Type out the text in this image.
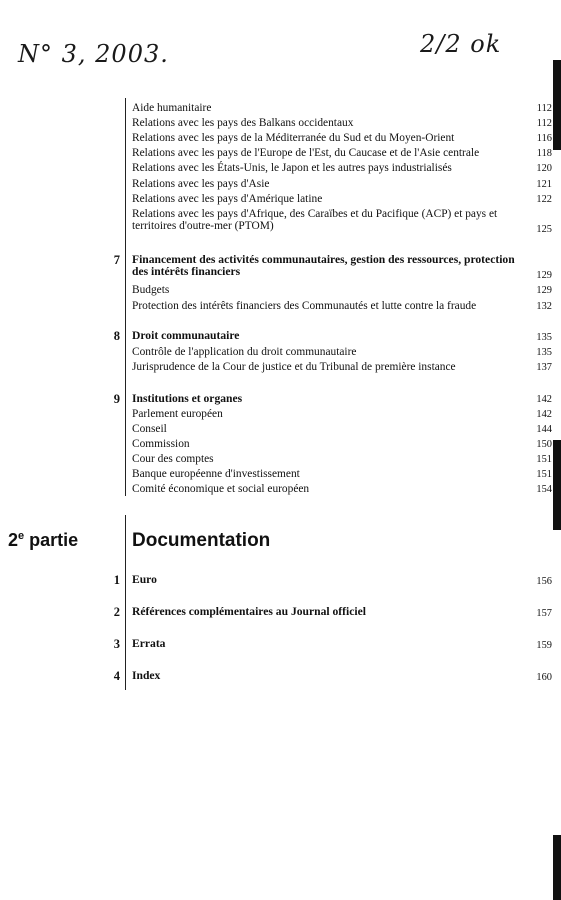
N° 3, 2003.	2/2 ok
Aide humanitaire	112
Relations avec les pays des Balkans occidentaux	112
Relations avec les pays de la Méditerranée du Sud et du Moyen-Orient	116
Relations avec les pays de l'Europe de l'Est, du Caucase et de l'Asie centrale	118
Relations avec les États-Unis, le Japon et les autres pays industrialisés	120
Relations avec les pays d'Asie	121
Relations avec les pays d'Amérique latine	122
Relations avec les pays d'Afrique, des Caraïbes et du Pacifique (ACP) et pays et territoires d'outre-mer (PTOM)	125
7 Financement des activités communautaires, gestion des ressources, protection des intérêts financiers	129
Budgets	129
Protection des intérêts financiers des Communautés et lutte contre la fraude	132
8 Droit communautaire	135
Contrôle de l'application du droit communautaire	135
Jurisprudence de la Cour de justice et du Tribunal de première instance	137
9 Institutions et organes	142
Parlement européen	142
Conseil	144
Commission	150
Cour des comptes	151
Banque européenne d'investissement	151
Comité économique et social européen	154
2e partie	Documentation
1 Euro	156
2 Références complémentaires au Journal officiel	157
3 Errata	159
4 Index	160
